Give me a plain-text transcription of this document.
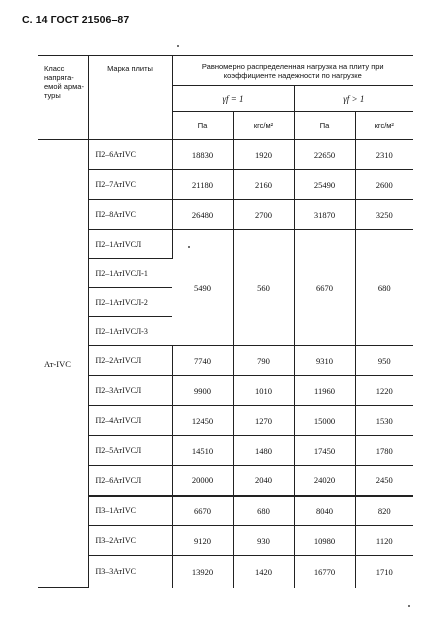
С. 14 ГОСТ 21506–87
Класс напряга-емой арма-туры	Марка плиты	Равномерно распределенная нагрузка на плиту при коэффициенте надежности по нагрузке			
		γf = 1		γf > 1	
		Па	кгс/м²	Па	кгс/м²
Ат-IVС	П2–6АтIVС	18830	1920	22650	2310
	П2–7АтIVС	21180	2160	25490	2600
	П2–8АтIVС	26480	2700	31870	3250
	П2–1АтIVСЛ	5490	560	6670	680
	П2–1АтIVСЛ-1				
	П2–1АтIVСЛ-2				
	П2–1АтIVСЛ-3				
	П2–2АтIVСЛ	7740	790	9310	950
	П2–3АтIVСЛ	9900	1010	11960	1220
	П2–4АтIVСЛ	12450	1270	15000	1530
	П2–5АтIVСЛ	14510	1480	17450	1780
	П2–6АтIVСЛ	20000	2040	24020	2450
	П3–1АтIVС	6670	680	8040	820
	П3–2АтIVС	9120	930	10980	1120
	П3–3АтIVС	13920	1420	16770	1710
